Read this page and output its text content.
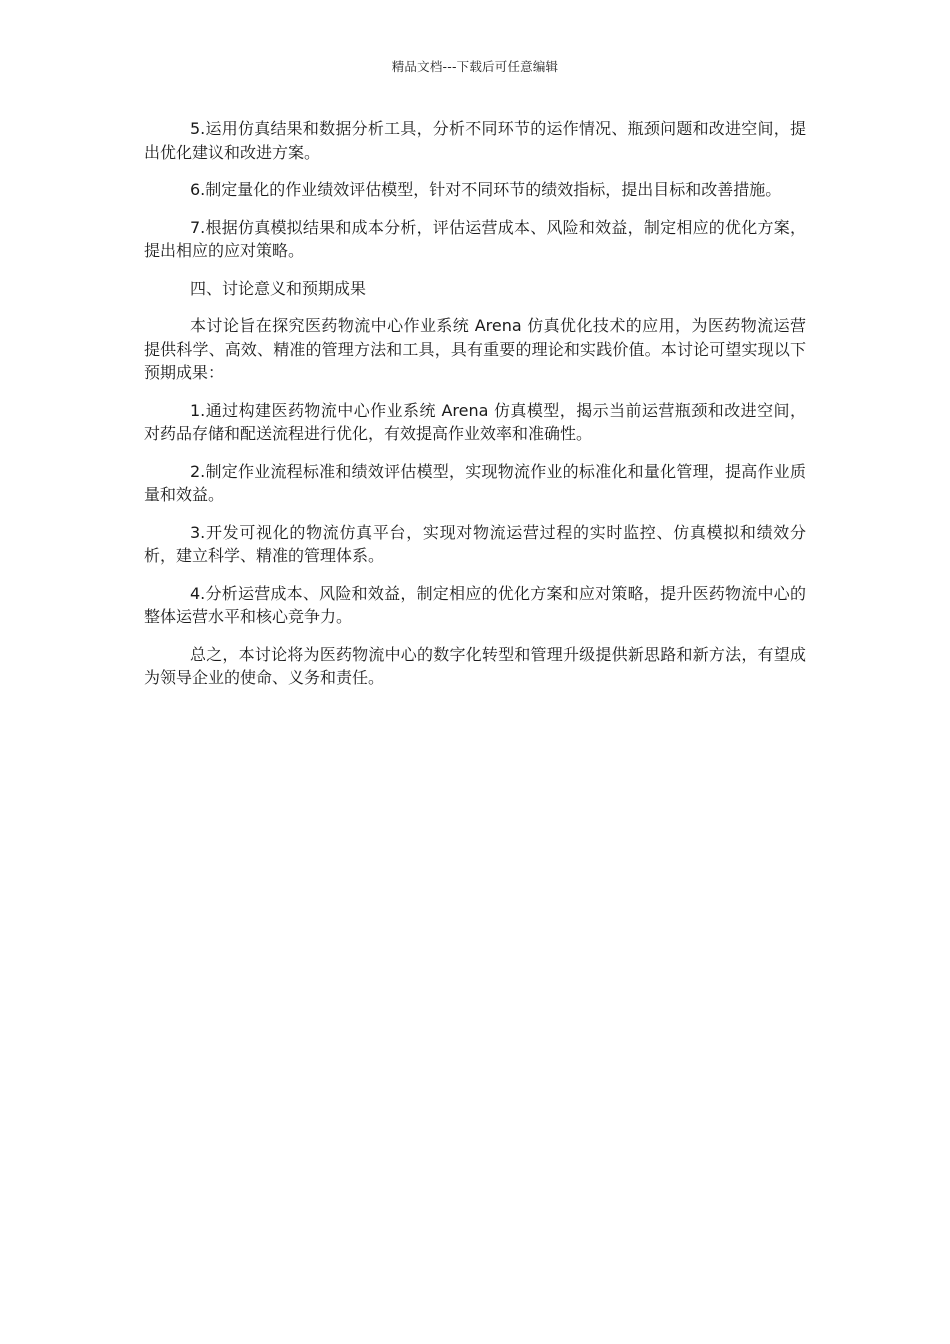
精品文档---下载后可任意编辑

5.运用仿真结果和数据分析工具，分析不同环节的运作情况、瓶颈问题和改进空间，提出优化建议和改进方案。

6.制定量化的作业绩效评估模型，针对不同环节的绩效指标，提出目标和改善措施。

7.根据仿真模拟结果和成本分析，评估运营成本、风险和效益，制定相应的优化方案，提出相应的应对策略。

四、讨论意义和预期成果

本讨论旨在探究医药物流中心作业系统 Arena 仿真优化技术的应用，为医药物流运营提供科学、高效、精准的管理方法和工具，具有重要的理论和实践价值。本讨论可望实现以下预期成果：

1.通过构建医药物流中心作业系统 Arena 仿真模型，揭示当前运营瓶颈和改进空间，对药品存储和配送流程进行优化，有效提高作业效率和准确性。

2.制定作业流程标准和绩效评估模型，实现物流作业的标准化和量化管理，提高作业质量和效益。

3.开发可视化的物流仿真平台，实现对物流运营过程的实时监控、仿真模拟和绩效分析，建立科学、精准的管理体系。

4.分析运营成本、风险和效益，制定相应的优化方案和应对策略，提升医药物流中心的整体运营水平和核心竞争力。

总之，本讨论将为医药物流中心的数字化转型和管理升级提供新思路和新方法，有望成为领导企业的使命、义务和责任。
